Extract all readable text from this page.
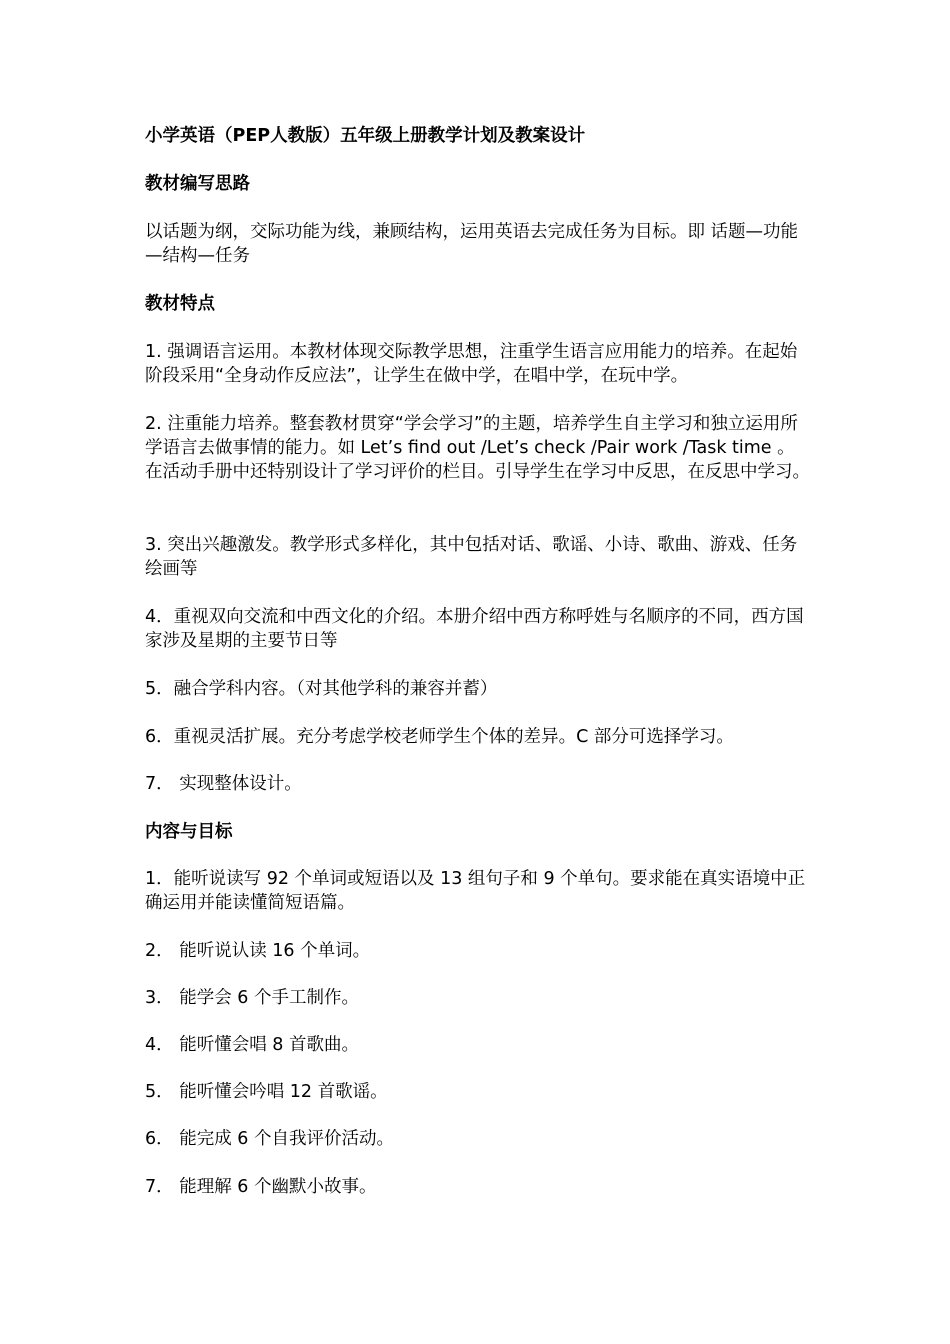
小学英语（PEP人教版）五年级上册教学计划及教案设计

教材编写思路

以话题为纲，交际功能为线，兼顾结构，运用英语去完成任务为目标。即 话题—功能—结构—任务

教材特点

1. 强调语言运用。本教材体现交际教学思想，注重学生语言应用能力的培养。在起始阶段采用“全身动作反应法”，让学生在做中学，在唱中学，在玩中学。

2. 注重能力培养。整套教材贯穿“学会学习”的主题，培养学生自主学习和独立运用所学语言去做事情的能力。如 Let’s find out /Let’s check /Pair work /Task time 。在活动手册中还特别设计了学习评价的栏目。引导学生在学习中反思，在反思中学习。

3. 突出兴趣激发。教学形式多样化，其中包括对话、歌谣、小诗、歌曲、游戏、任务绘画等

4．重视双向交流和中西文化的介绍。本册介绍中西方称呼姓与名顺序的不同，西方国家涉及星期的主要节日等

5．融合学科内容。（对其他学科的兼容并蓄）

6．重视灵活扩展。充分考虑学校老师学生个体的差异。C 部分可选择学习。

7． 实现整体设计。

内容与目标

1．能听说读写 92 个单词或短语以及 13 组句子和 9 个单句。要求能在真实语境中正确运用并能读懂简短语篇。

2． 能听说认读 16 个单词。

3． 能学会 6 个手工制作。

4． 能听懂会唱 8 首歌曲。

5． 能听懂会吟唱 12 首歌谣。

6． 能完成 6 个自我评价活动。

7． 能理解 6 个幽默小故事。
